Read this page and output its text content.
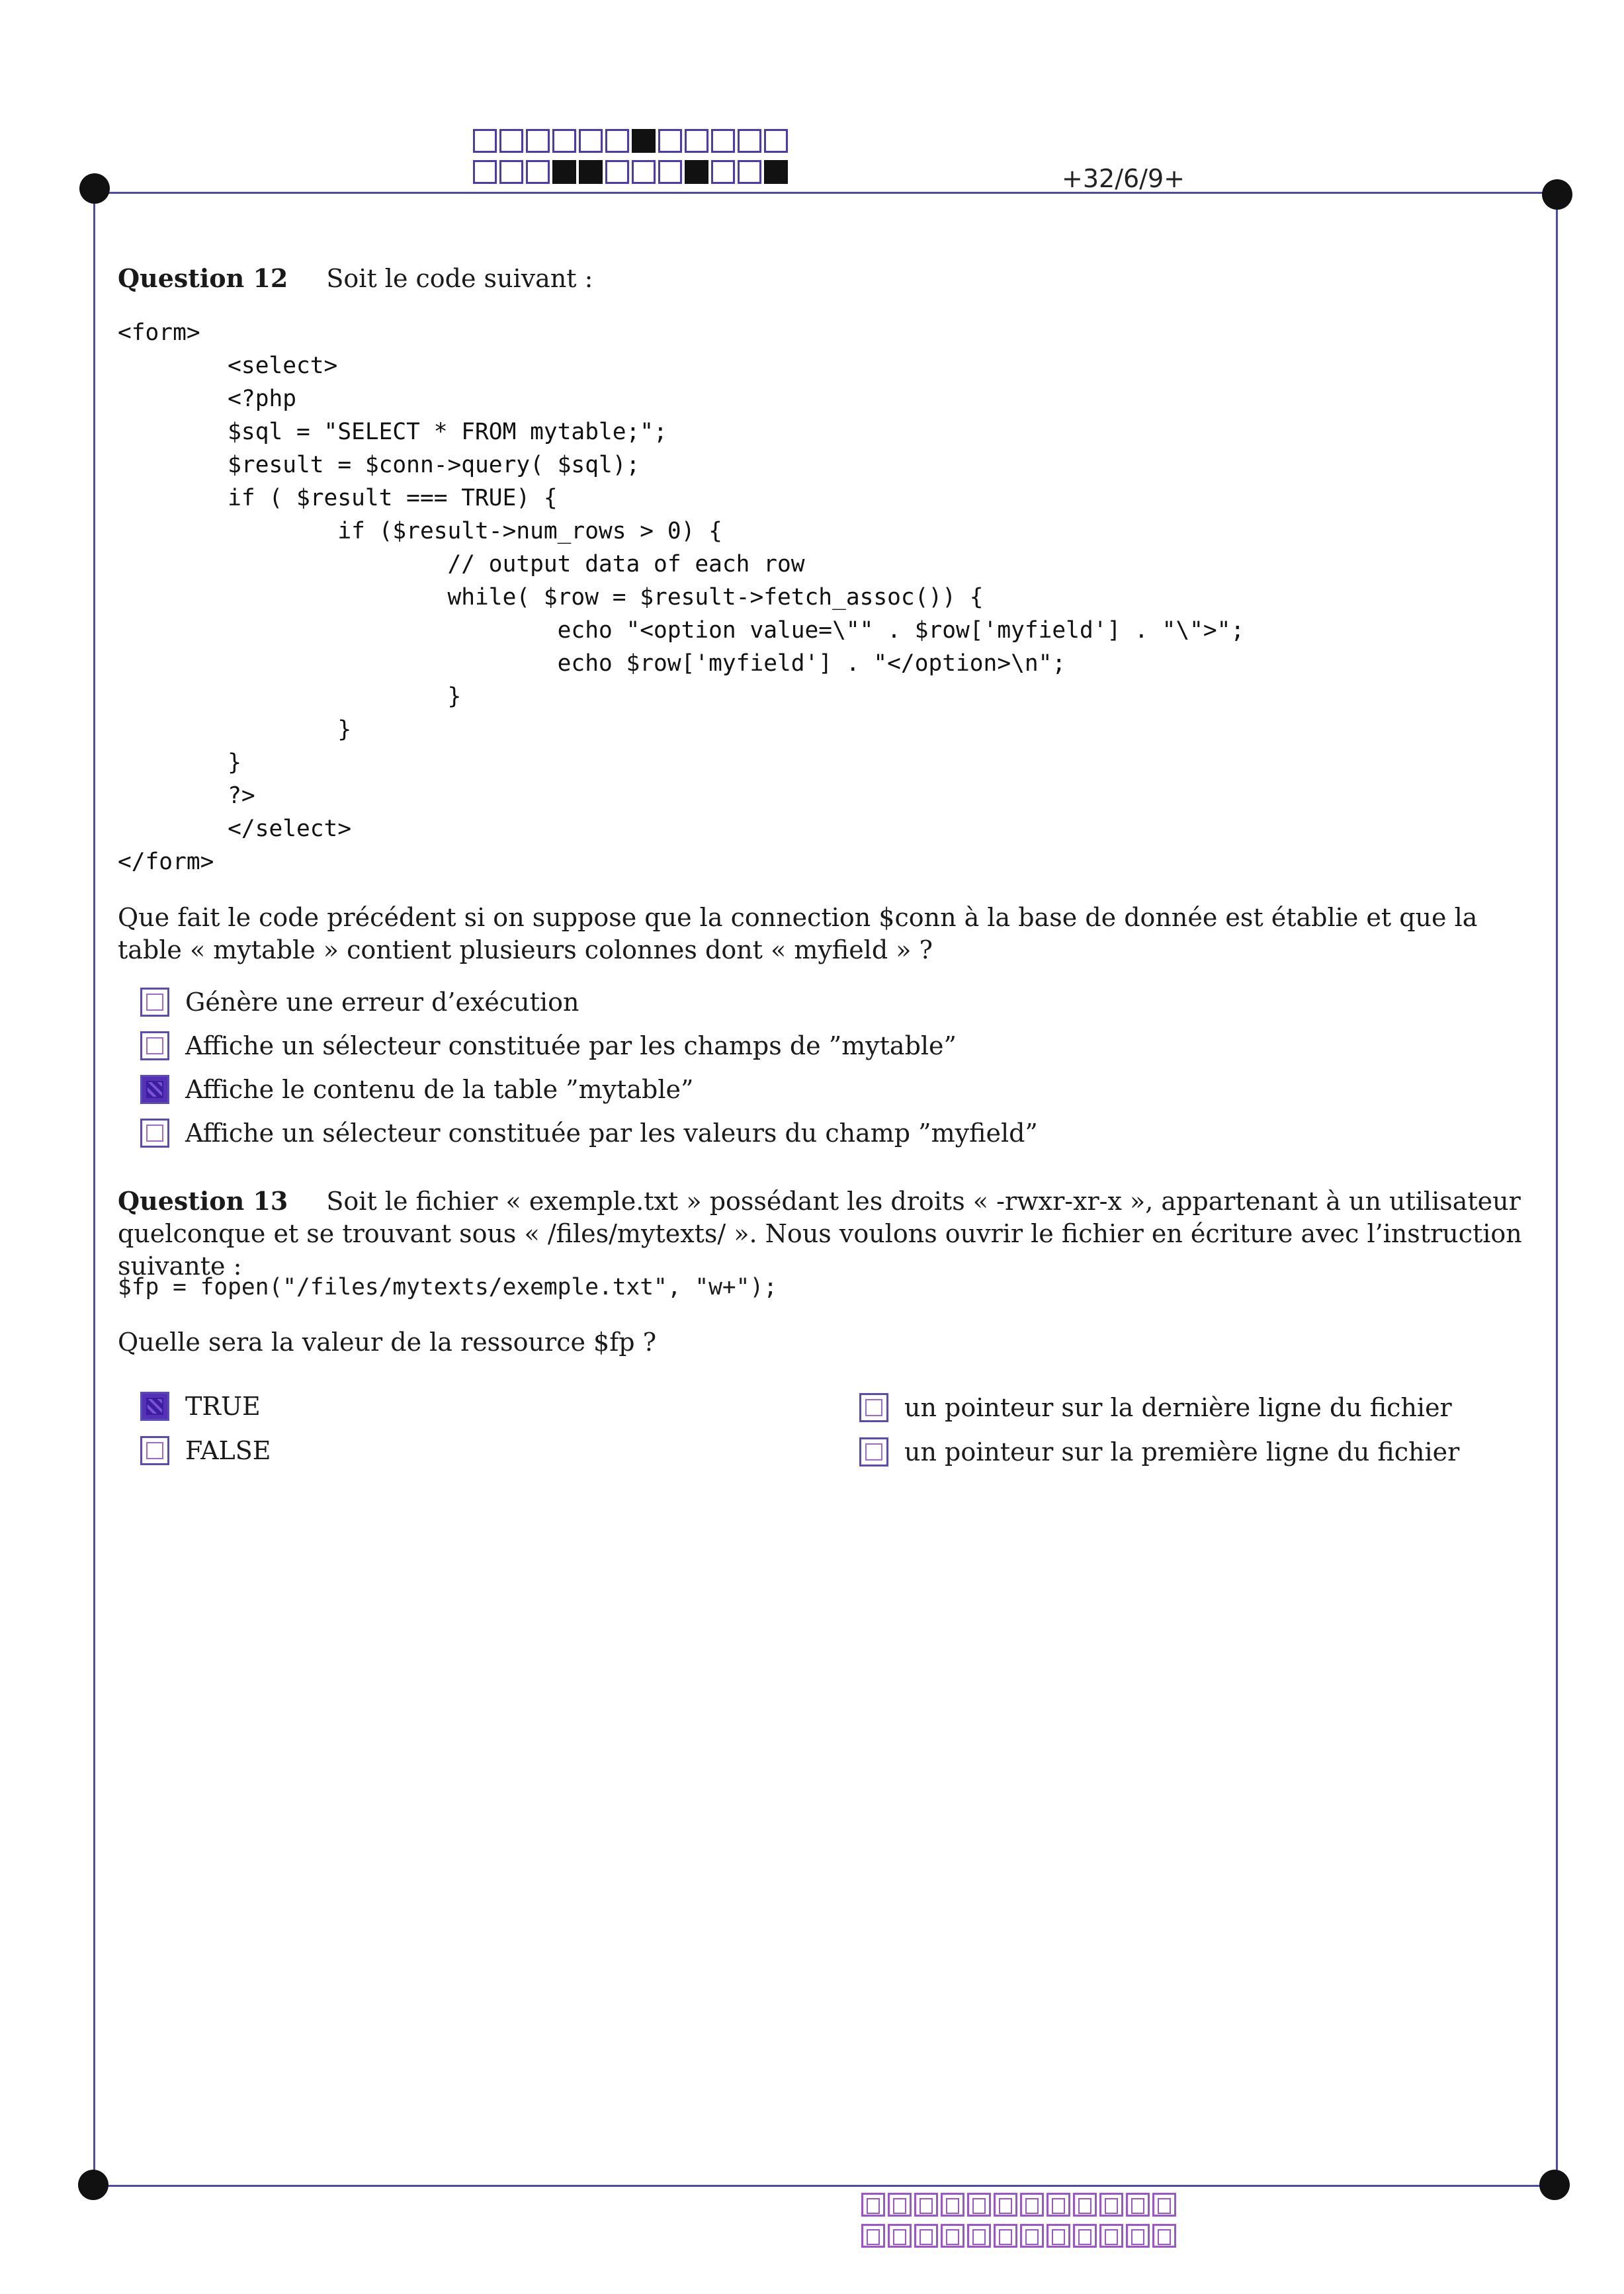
+32/6/9+
Question 12 Soit le code suivant :
<form>
<select>
<?php
$sql = "SELECT * FROM mytable;";
$result = $conn->query( $sql);
if ( $result === TRUE) {
if ($result->num_rows > 0) {
// output data of each row
while( $row = $result->fetch_assoc()) {
echo "<option value=\"" . $row['myfield'] . "\">";
echo $row['myfield'] . "</option>\n";
}
}
}
?>
</select>
</form>
Que fait le code précédent si on suppose que la connection $conn à la base de donnée est établie et que la table « mytable » contient plusieurs colonnes dont « myfield » ?
Génère une erreur d’exécution
Affiche un sélecteur constituée par les champs de ”mytable”
Affiche le contenu de la table ”mytable”
Affiche un sélecteur constituée par les valeurs du champ ”myfield”
Question 13 Soit le fichier « exemple.txt » possédant les droits « -rwxr-xr-x », appartenant à un utilisateur quelconque et se trouvant sous « /files/mytexts/ ». Nous voulons ouvrir le fichier en écriture avec l’instruction suivante :
$fp = fopen("/files/mytexts/exemple.txt", "w+");
Quelle sera la valeur de la ressource $fp ?
TRUE	un pointeur sur la dernière ligne du fichier
FALSE	un pointeur sur la première ligne du fichier
